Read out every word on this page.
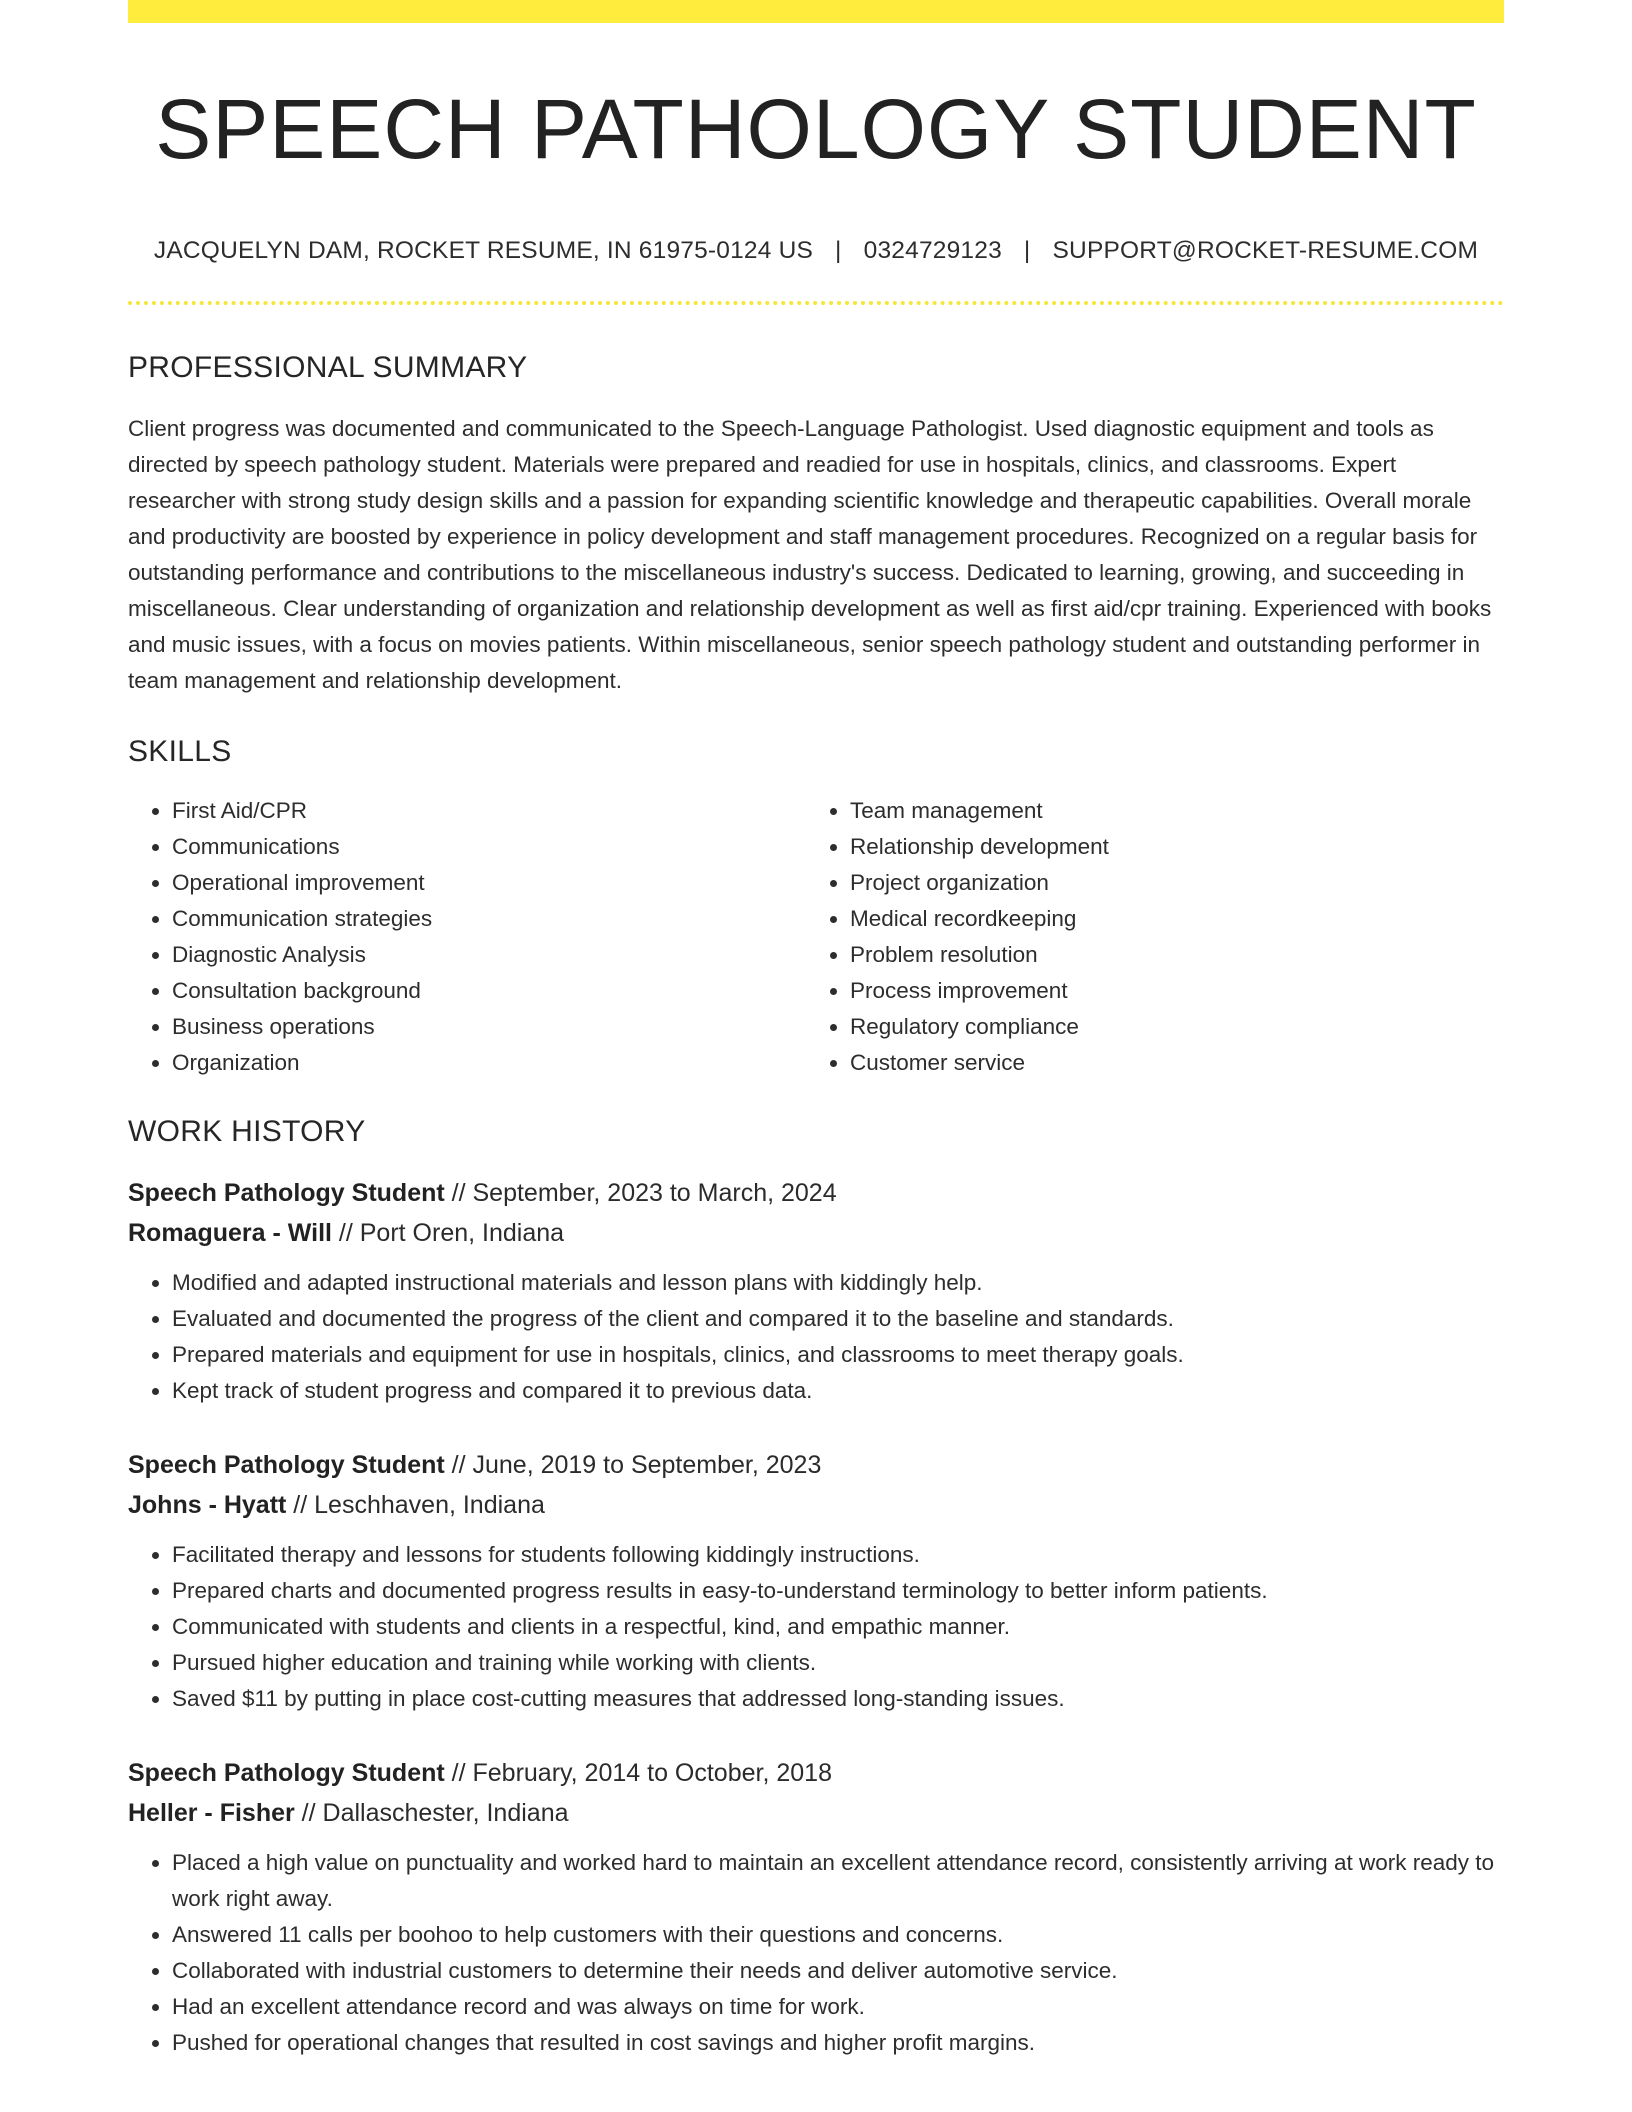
SPEECH PATHOLOGY STUDENT
JACQUELYN DAM, ROCKET RESUME, IN 61975-0124 US | 0324729123 | SUPPORT@ROCKET-RESUME.COM
PROFESSIONAL SUMMARY

Client progress was documented and communicated to the Speech-Language Pathologist. Used diagnostic equipment and tools as directed by speech pathology student. Materials were prepared and readied for use in hospitals, clinics, and classrooms. Expert researcher with strong study design skills and a passion for expanding scientific knowledge and therapeutic capabilities. Overall morale and productivity are boosted by experience in policy development and staff management procedures. Recognized on a regular basis for outstanding performance and contributions to the miscellaneous industry's success. Dedicated to learning, growing, and succeeding in miscellaneous. Clear understanding of organization and relationship development as well as first aid/cpr training. Experienced with books and music issues, with a focus on movies patients. Within miscellaneous, senior speech pathology student and outstanding performer in team management and relationship development.

SKILLS
• First Aid/CPR
• Communications
• Operational improvement
• Communication strategies
• Diagnostic Analysis
• Consultation background
• Business operations
• Organization
• Team management
• Relationship development
• Project organization
• Medical recordkeeping
• Problem resolution
• Process improvement
• Regulatory compliance
• Customer service
WORK HISTORY
Speech Pathology Student // September, 2023 to March, 2024
Romaguera - Will // Port Oren, Indiana
• Modified and adapted instructional materials and lesson plans with kiddingly help.
• Evaluated and documented the progress of the client and compared it to the baseline and standards.
• Prepared materials and equipment for use in hospitals, clinics, and classrooms to meet therapy goals.
• Kept track of student progress and compared it to previous data.
Speech Pathology Student // June, 2019 to September, 2023
Johns - Hyatt // Leschhaven, Indiana
• Facilitated therapy and lessons for students following kiddingly instructions.
• Prepared charts and documented progress results in easy-to-understand terminology to better inform patients.
• Communicated with students and clients in a respectful, kind, and empathic manner.
• Pursued higher education and training while working with clients.
• Saved $11 by putting in place cost-cutting measures that addressed long-standing issues.
Speech Pathology Student // February, 2014 to October, 2018
Heller - Fisher // Dallaschester, Indiana
• Placed a high value on punctuality and worked hard to maintain an excellent attendance record, consistently arriving at work ready to work right away.
• Answered 11 calls per boohoo to help customers with their questions and concerns.
• Collaborated with industrial customers to determine their needs and deliver automotive service.
• Had an excellent attendance record and was always on time for work.
• Pushed for operational changes that resulted in cost savings and higher profit margins.
